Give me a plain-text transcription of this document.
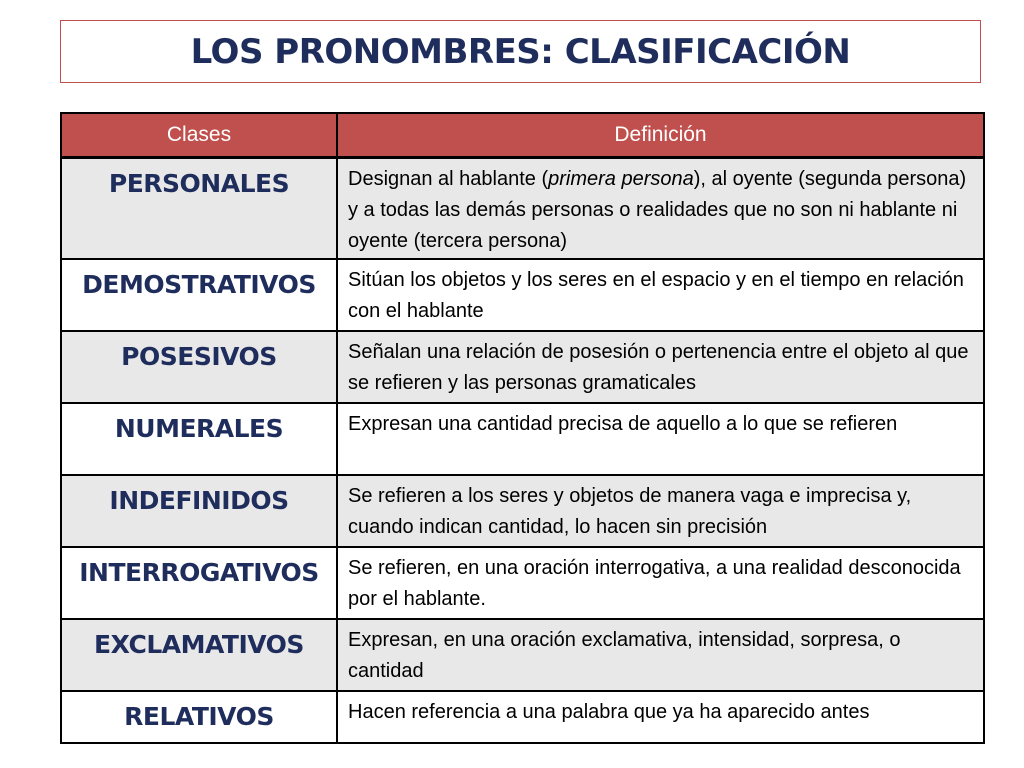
LOS PRONOMBRES: CLASIFICACIÓN
Clases	Definición
PERSONALES	Designan al hablante (primera persona), al oyente (segunda persona) y a todas las demás personas o realidades que no son ni hablante ni oyente (tercera persona)
DEMOSTRATIVOS	Sitúan los objetos y los seres en el espacio y en el tiempo en relación con el hablante
POSESIVOS	Señalan una relación de posesión o pertenencia entre el objeto al que se refieren y las personas gramaticales
NUMERALES	Expresan una cantidad precisa de aquello a lo que se refieren
INDEFINIDOS	Se refieren a los seres y objetos de manera vaga e imprecisa y, cuando indican cantidad, lo hacen sin precisión
INTERROGATIVOS	Se refieren, en una oración interrogativa, a una realidad desconocida por el hablante.
EXCLAMATIVOS	Expresan, en una oración exclamativa, intensidad, sorpresa, o cantidad
RELATIVOS	Hacen referencia a una palabra que ya ha aparecido antes
